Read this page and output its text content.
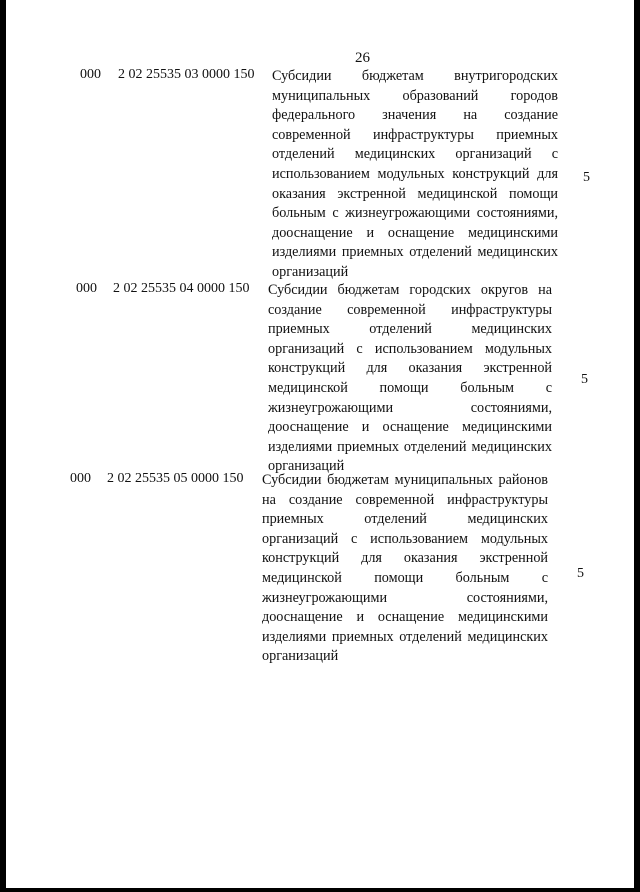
26
000 2 02 25535 03 0000 150 Субсидии бюджетам внутригородских муниципальных образований городов федерального значения на создание современной инфраструктуры приемных отделений медицинских организаций с использованием модульных конструкций для оказания экстренной медицинской помощи больным с жизнеугрожающими состояниями, дооснащение и оснащение медицинскими изделиями приемных отделений медицинских организаций
5
000 2 02 25535 04 0000 150 Субсидии бюджетам городских округов на создание современной инфраструктуры приемных отделений медицинских организаций с использованием модульных конструкций для оказания экстренной медицинской помощи больным с жизнеугрожающими состояниями, дооснащение и оснащение медицинскими изделиями приемных отделений медицинских организаций
5
000 2 02 25535 05 0000 150 Субсидии бюджетам муниципальных районов на создание современной инфраструктуры приемных отделений медицинских организаций с использованием модульных конструкций для оказания экстренной медицинской помощи больным с жизнеугрожающими состояниями, дооснащение и оснащение медицинскими изделиями приемных отделений медицинских организаций
5
